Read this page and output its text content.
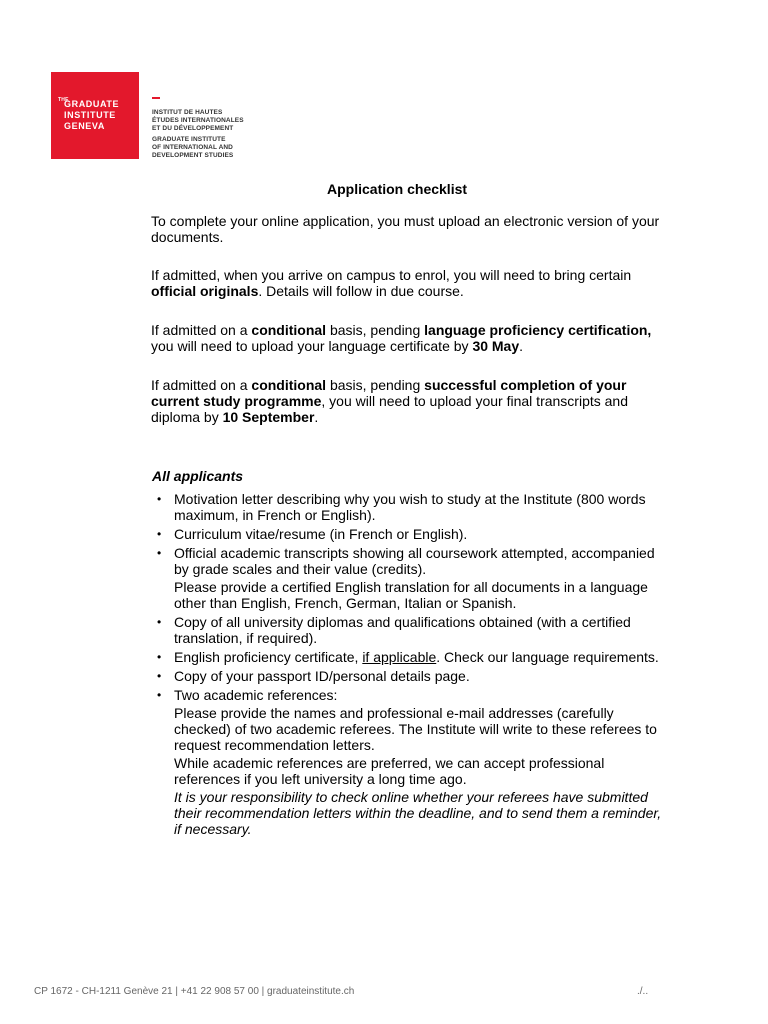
THE
GRADUATE
INSTITUTE
GENEVA
INSTITUT DE HAUTES
ÉTUDES INTERNATIONALES
ET DU DÉVELOPPEMENT
GRADUATE INSTITUTE
OF INTERNATIONAL AND
DEVELOPMENT STUDIES
Application checklist
To complete your online application, you must upload an electronic version of your documents.
If admitted, when you arrive on campus to enrol, you will need to bring certain official originals. Details will follow in due course.
If admitted on a conditional basis, pending language proficiency certification, you will need to upload your language certificate by 30 May.
If admitted on a conditional basis, pending successful completion of your current study programme, you will need to upload your final transcripts and diploma by 10 September.
All applicants
• Motivation letter describing why you wish to study at the Institute (800 words maximum, in French or English).
• Curriculum vitae/resume (in French or English).
• Official academic transcripts showing all coursework attempted, accompanied by grade scales and their value (credits).
Please provide a certified English translation for all documents in a language other than English, French, German, Italian or Spanish.
• Copy of all university diplomas and qualifications obtained (with a certified translation, if required).
• English proficiency certificate, if applicable. Check our language requirements.
• Copy of your passport ID/personal details page.
• Two academic references:
Please provide the names and professional e-mail addresses (carefully checked) of two academic referees. The Institute will write to these referees to request recommendation letters.
While academic references are preferred, we can accept professional references if you left university a long time ago.
It is your responsibility to check online whether your referees have submitted their recommendation letters within the deadline, and to send them a reminder, if necessary.
CP 1672 - CH-1211 Genève 21 | +41 22 908 57 00 | graduateinstitute.ch	./..
